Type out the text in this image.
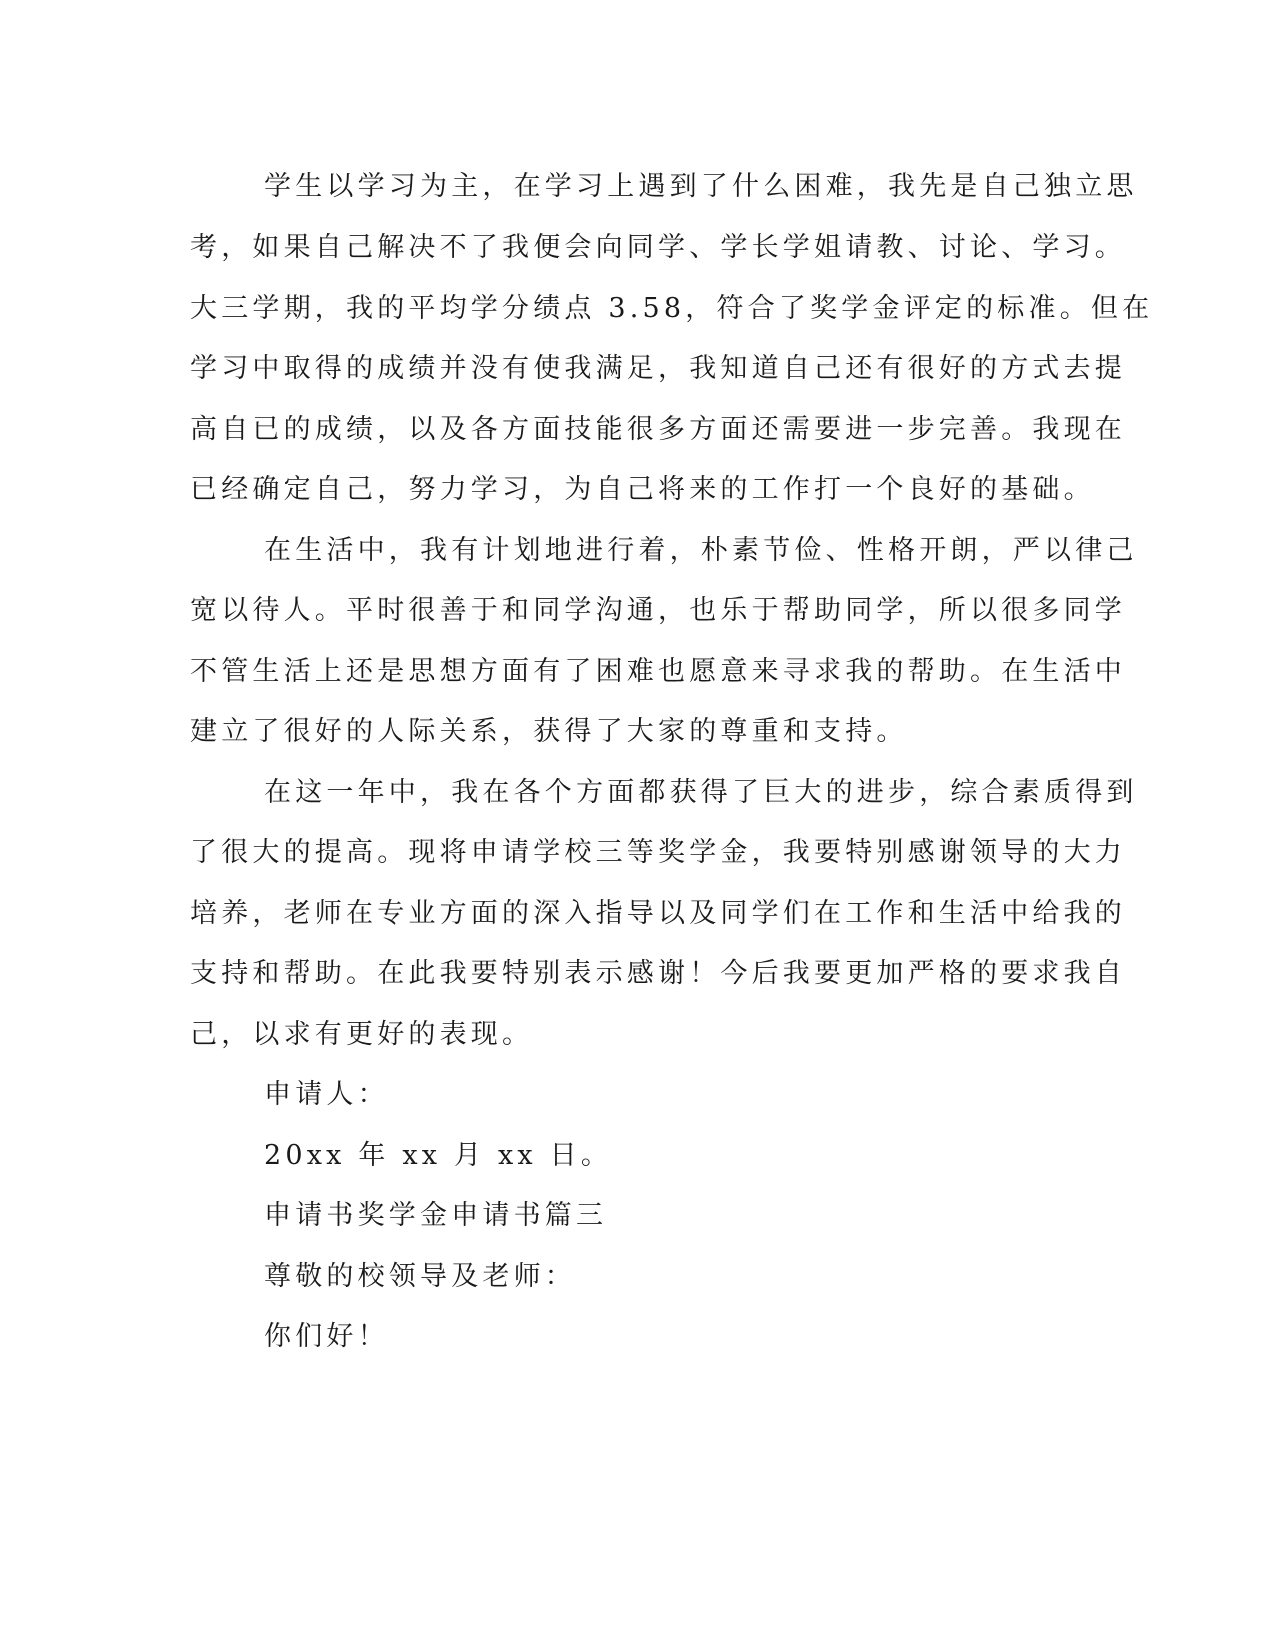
学生以学习为主，在学习上遇到了什么困难，我先是自己独立思
考，如果自己解决不了我便会向同学、学长学姐请教、讨论、学习。
大三学期，我的平均学分绩点 3.58，符合了奖学金评定的标准。但在
学习中取得的成绩并没有使我满足，我知道自己还有很好的方式去提
高自已的成绩，以及各方面技能很多方面还需要进一步完善。我现在
已经确定自己，努力学习，为自己将来的工作打一个良好的基础。
在生活中，我有计划地进行着，朴素节俭、性格开朗，严以律己
宽以待人。平时很善于和同学沟通，也乐于帮助同学，所以很多同学
不管生活上还是思想方面有了困难也愿意来寻求我的帮助。在生活中
建立了很好的人际关系，获得了大家的尊重和支持。
在这一年中，我在各个方面都获得了巨大的进步，综合素质得到
了很大的提高。现将申请学校三等奖学金，我要特别感谢领导的大力
培养，老师在专业方面的深入指导以及同学们在工作和生活中给我的
支持和帮助。在此我要特别表示感谢！今后我要更加严格的要求我自
己，以求有更好的表现。
申请人：
20xx 年 xx 月 xx 日。
申请书奖学金申请书篇三
尊敬的校领导及老师：
你们好！
